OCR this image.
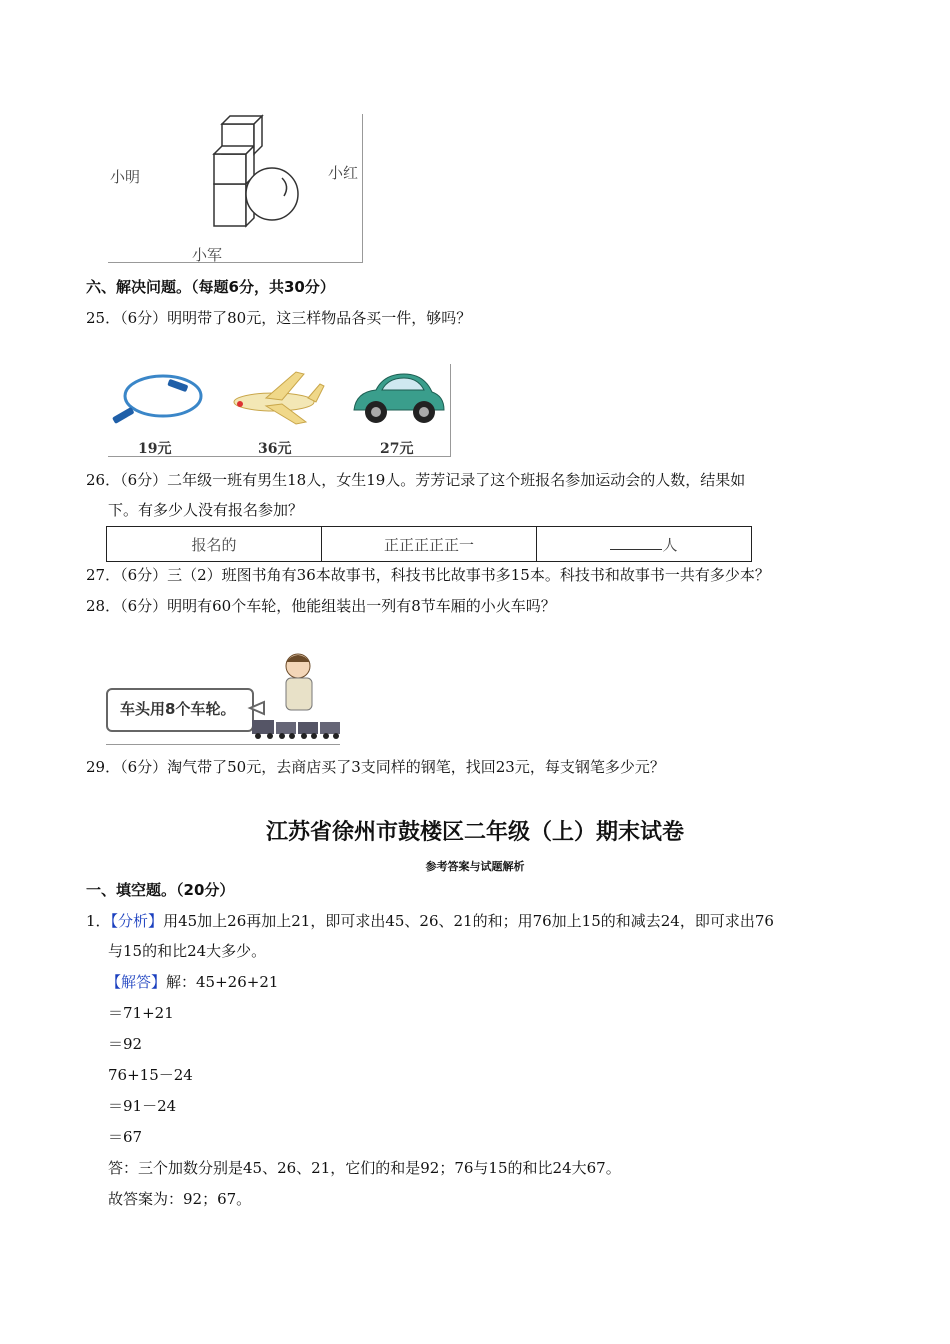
小明	小红
小军
六、解决问题。（每题6分，共30分）
25．（6分）明明带了80元，这三样物品各买一件，够吗？
19元	36元	27元
26．（6分）二年级一班有男生18人，女生19人。芳芳记录了这个班报名参加运动会的人数，结果如
下。有多少人没有报名参加？
报名的	正正正正正一	人
27．（6分）三（2）班图书角有36本故事书，科技书比故事书多15本。科技书和故事书一共有多少本？
28．（6分）明明有60个车轮，他能组装出一列有8节车厢的小火车吗？
车头用8个车轮。
29．（6分）淘气带了50元，去商店买了3支同样的钢笔，找回23元，每支钢笔多少元？
江苏省徐州市鼓楼区二年级（上）期末试卷
参考答案与试题解析
一、填空题。（20分）
1．【分析】用45加上26再加上21，即可求出45、26、21的和；用76加上15的和减去24，即可求出76
与15的和比24大多少。
【解答】解：45+26+21
＝71+21
＝92
76+15－24
＝91－24
＝67
答：三个加数分别是45、26、21，它们的和是92；76与15的和比24大67。
故答案为：92；67。
